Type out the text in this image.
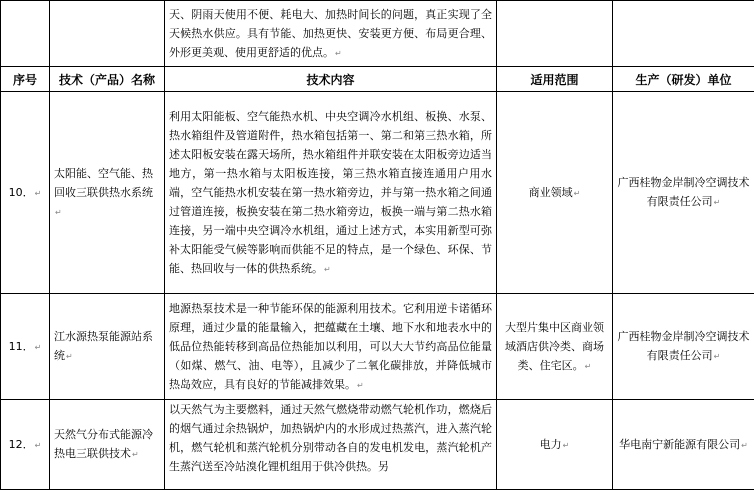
		天、阴雨天使用不便、耗电大、加热时间长的问题，真正实现了全天候热水供应。具有节能、加热更快、安装更方便、布局更合理、外形更美观、使用更舒适的优点。↵		
序号	技术（产品）名称	技术内容	适用范围	生产（研发）单位
10．↵	太阳能、空气能、热回收三联供热水系统↵	利用太阳能板、空气能热水机、中央空调冷水机组、板换、水泵、热水箱组件及管道附件，热水箱包括第一、第二和第三热水箱，所述太阳板安装在露天场所，热水箱组件并联安装在太阳板旁边适当地方，第一热水箱与太阳板连接，第三热水箱直接连通用户用水端，空气能热水机安装在第一热水箱旁边，并与第一热水箱之间通过管道连接，板换安装在第二热水箱旁边，板换一端与第二热水箱连接，另一端中央空调冷水机组，通过上述方式，本实用新型可弥补太阳能受气候等影响而供能不足的特点，是一个绿色、环保、节能、热回收与一体的供热系统。↵	商业领域↵	广西桂物金岸制冷空调技术有限责任公司↵
11．↵	江水源热泵能源站系统↵	地源热泵技术是一种节能环保的能源利用技术。它利用逆卡诺循环原理，通过少量的能量输入，把蕴藏在土壤、地下水和地表水中的低品位热能转移到高品位热能加以利用，可以大大节约高品位能量（如煤、燃气、油、电等），且减少了二氧化碳排放，并降低城市热岛效应，具有良好的节能减排效果。↵	大型片集中区商业领域酒店供冷类、商场类、住宅区。↵	广西桂物金岸制冷空调技术有限责任公司↵
12．↵	天然气分布式能源冷热电三联供技术↵	以天然气为主要燃料，通过天然气燃烧带动燃气轮机作功，燃烧后的烟气通过余热锅炉，加热锅炉内的水形成过热蒸汽，进入蒸汽轮机，燃气轮机和蒸汽轮机分别带动各自的发电机发电，蒸汽轮机产生蒸汽送至冷站溴化锂机组用于供冷供热。另	电力↵	华电南宁新能源有限公司↵
